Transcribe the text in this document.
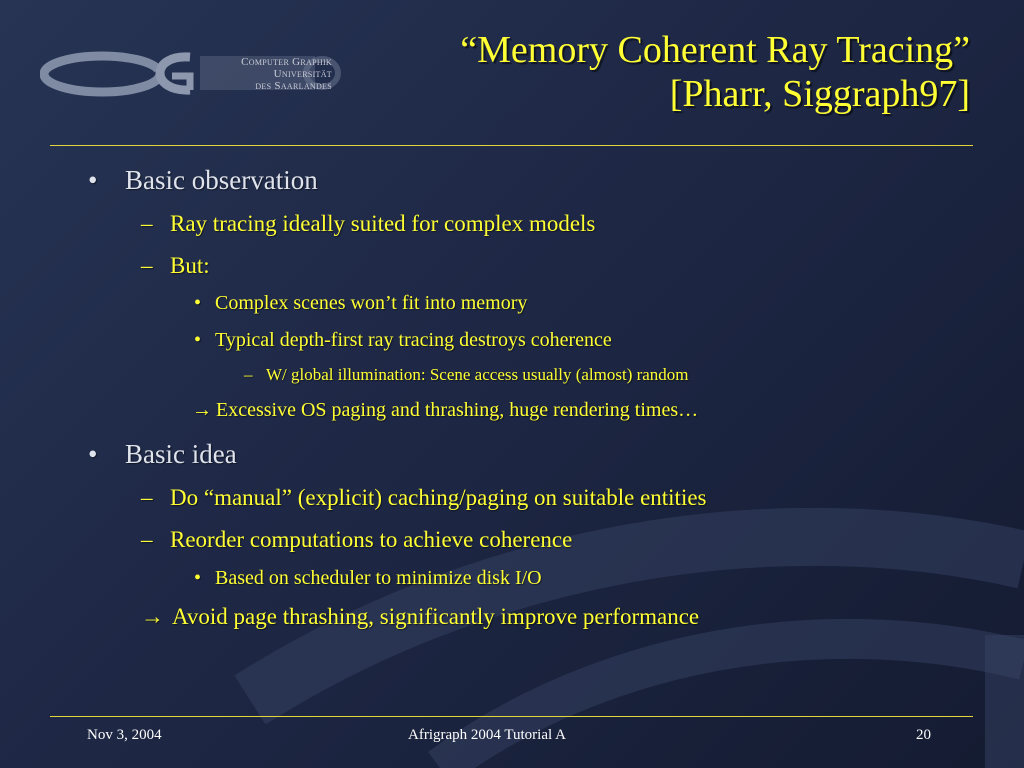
Computer Graphik
Universität
des Saarlandes
“Memory Coherent Ray Tracing”
[Pharr, Siggraph97]
• Basic observation
– Ray tracing ideally suited for complex models
– But:
• Complex scenes won’t fit into memory
• Typical depth-first ray tracing destroys coherence
– W/ global illumination: Scene access usually (almost) random
→ Excessive OS paging and thrashing, huge rendering times…
• Basic idea
– Do “manual” (explicit) caching/paging on suitable entities
– Reorder computations to achieve coherence
• Based on scheduler to minimize disk I/O
→ Avoid page thrashing, significantly improve performance
Nov 3, 2004	Afrigraph 2004 Tutorial A	20
